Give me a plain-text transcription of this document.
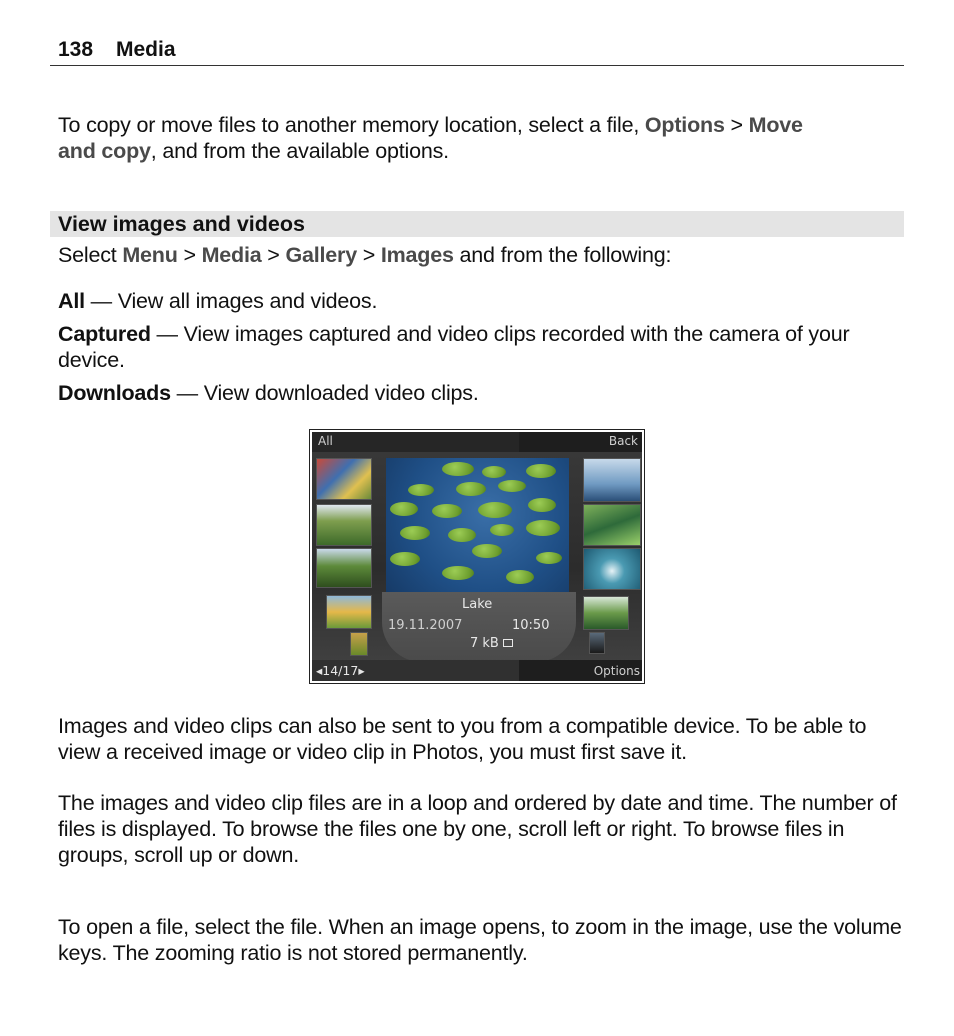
138 Media
To copy or move files to another memory location, select a file, Options > Move
and copy, and from the available options.
View images and videos
Select Menu > Media > Gallery > Images and from the following:
All — View all images and videos.
Captured — View images captured and video clips recorded with the camera of your device.
Downloads — View downloaded video clips.
All	Back
Lake
19.11.2007	10:50
7 kB
◂14/17▸	Options
Images and video clips can also be sent to you from a compatible device. To be able to view a received image or video clip in Photos, you must first save it.
The images and video clip files are in a loop and ordered by date and time. The number of files is displayed. To browse the files one by one, scroll left or right. To browse files in groups, scroll up or down.
To open a file, select the file. When an image opens, to zoom in the image, use the volume keys. The zooming ratio is not stored permanently.
